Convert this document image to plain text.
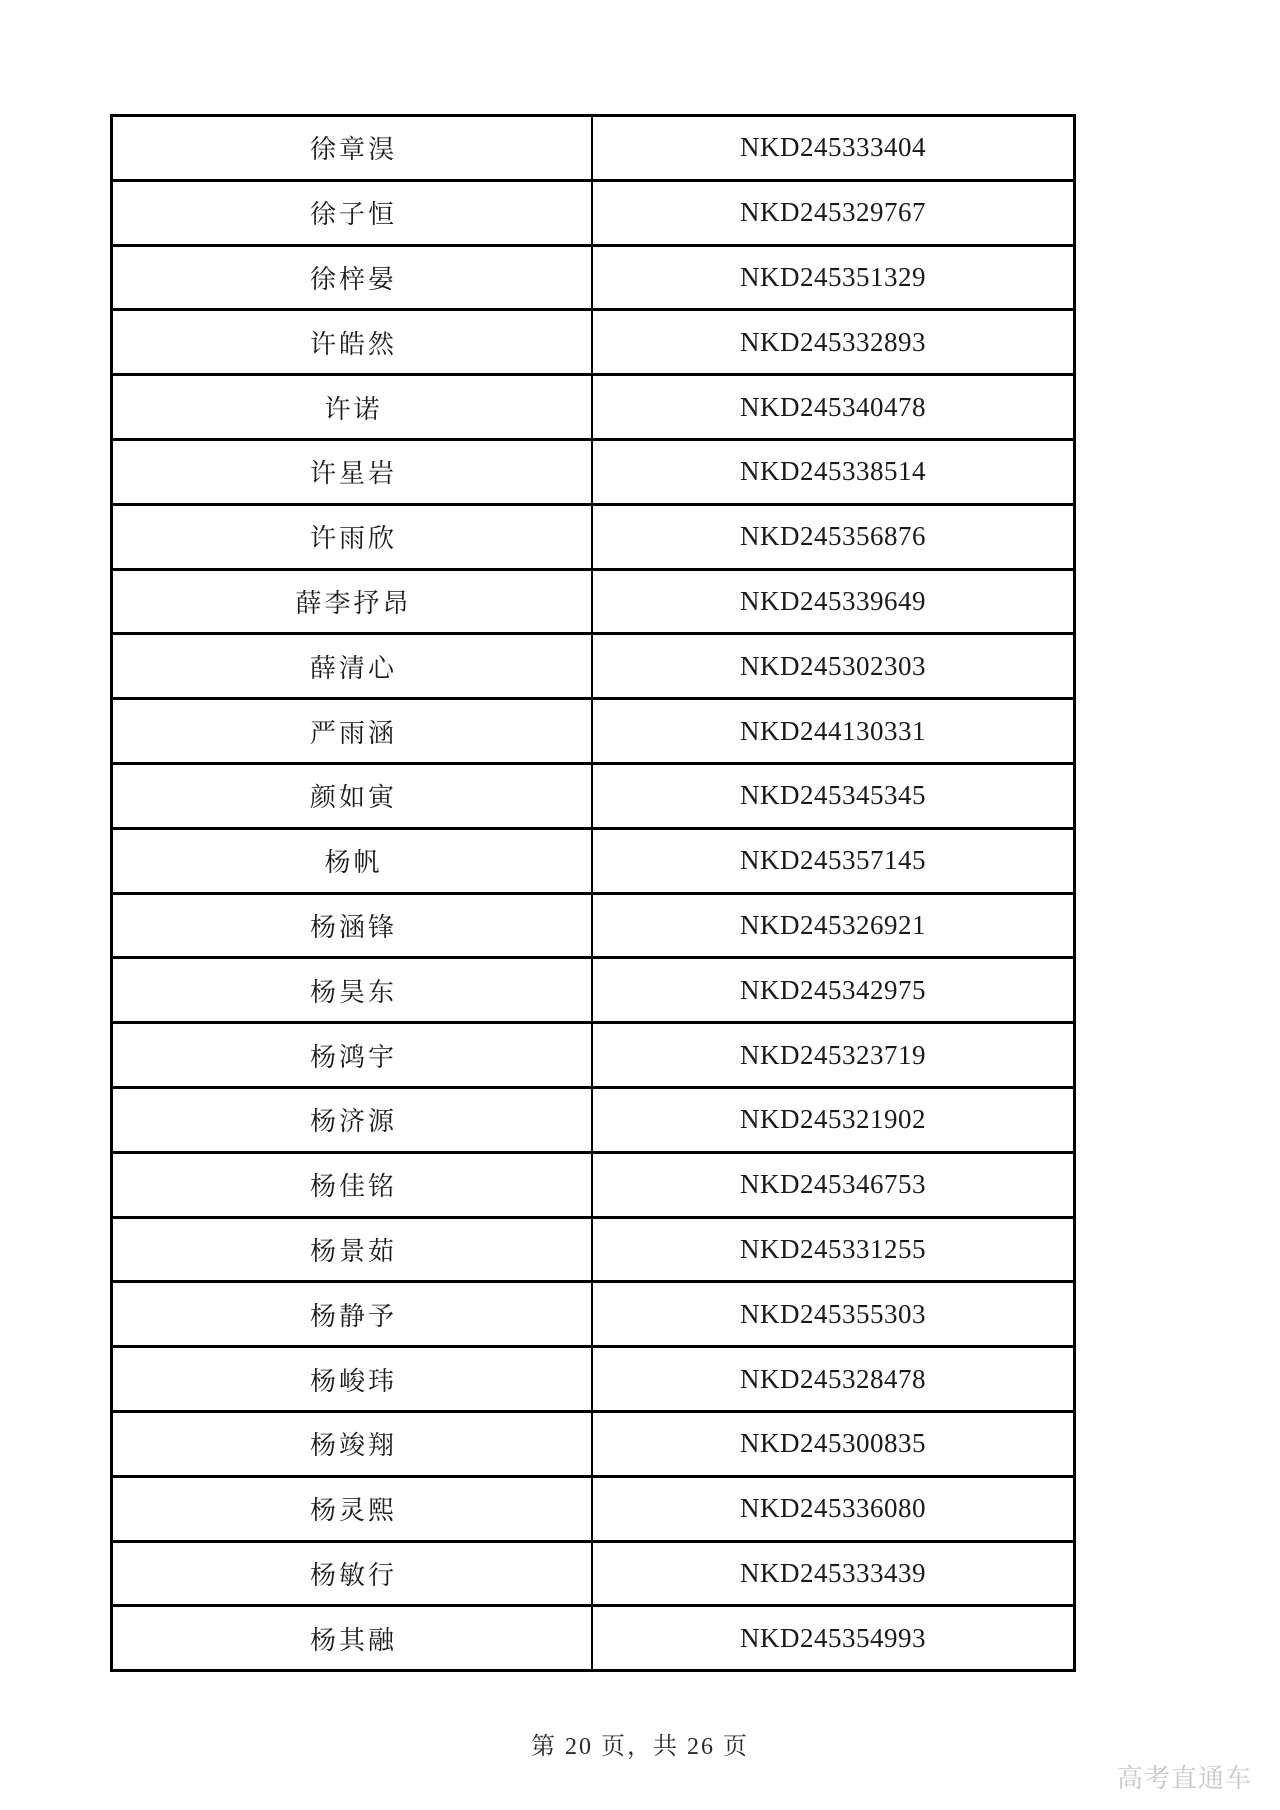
徐章淏	NKD245333404
徐子恒	NKD245329767
徐梓晏	NKD245351329
许皓然	NKD245332893
许诺	NKD245340478
许星岩	NKD245338514
许雨欣	NKD245356876
薛李抒昂	NKD245339649
薛清心	NKD245302303
严雨涵	NKD244130331
颜如寅	NKD245345345
杨帆	NKD245357145
杨涵锋	NKD245326921
杨昊东	NKD245342975
杨鸿宇	NKD245323719
杨济源	NKD245321902
杨佳铭	NKD245346753
杨景茹	NKD245331255
杨静予	NKD245355303
杨峻玮	NKD245328478
杨竣翔	NKD245300835
杨灵熙	NKD245336080
杨敏行	NKD245333439
杨其融	NKD245354993
第 20 页，共 26 页
高考直通车
